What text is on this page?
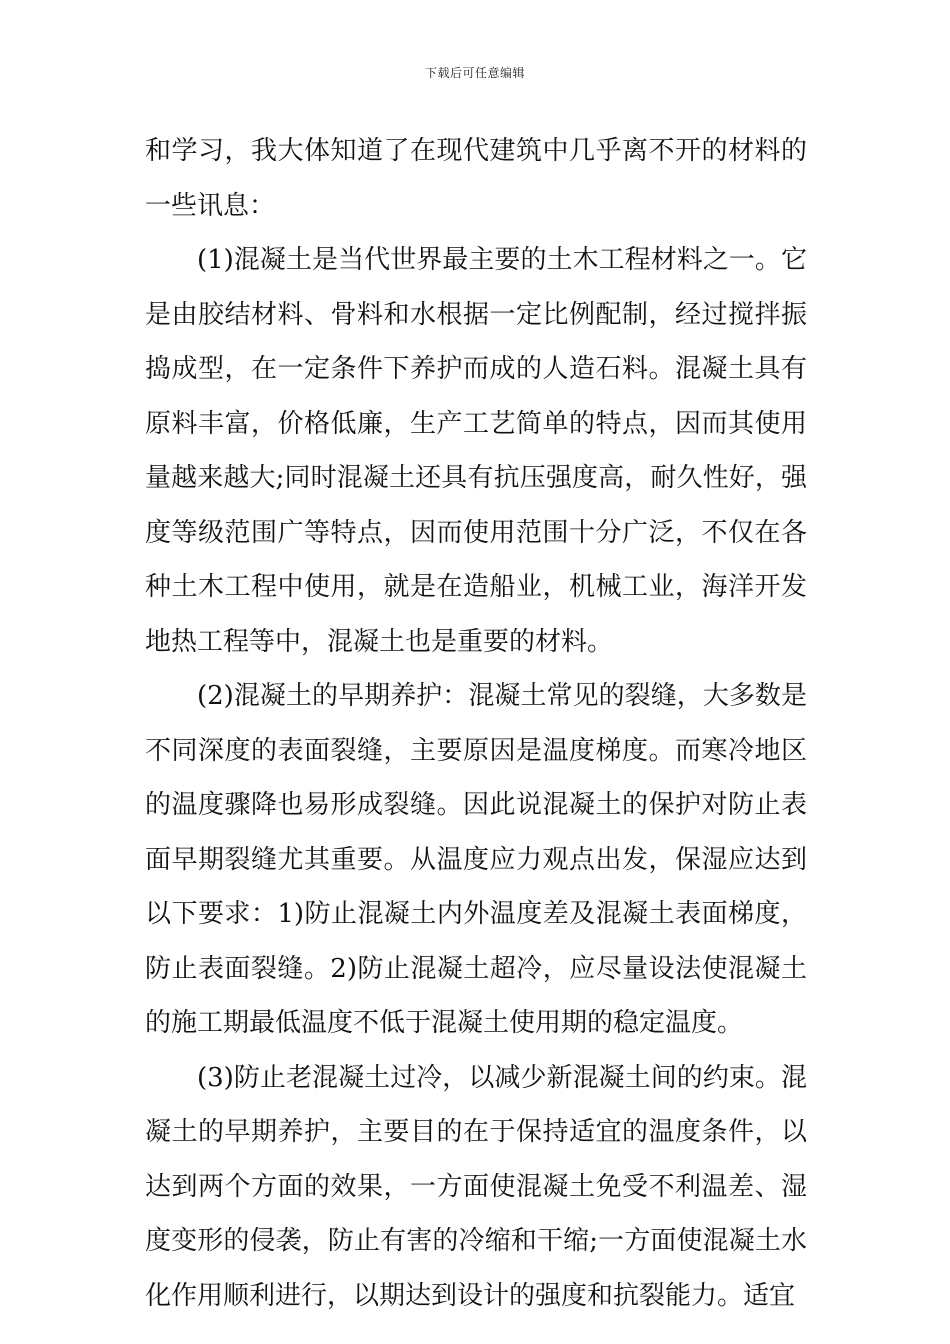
下载后可任意编辑

和学习，我大体知道了在现代建筑中几乎离不开的材料的一些讯息：

(1)混凝土是当代世界最主要的土木工程材料之一。它是由胶结材料、骨料和水根据一定比例配制，经过搅拌振捣成型，在一定条件下养护而成的人造石料。混凝土具有原料丰富，价格低廉，生产工艺简单的特点，因而其使用量越来越大;同时混凝土还具有抗压强度高，耐久性好，强度等级范围广等特点，因而使用范围十分广泛，不仅在各种土木工程中使用，就是在造船业，机械工业，海洋开发地热工程等中，混凝土也是重要的材料。

(2)混凝土的早期养护：混凝土常见的裂缝，大多数是不同深度的表面裂缝，主要原因是温度梯度。而寒冷地区的温度骤降也易形成裂缝。因此说混凝土的保护对防止表面早期裂缝尤其重要。从温度应力观点出发，保湿应达到以下要求：1)防止混凝土内外温度差及混凝土表面梯度，防止表面裂缝。2)防止混凝土超冷，应尽量设法使混凝土的施工期最低温度不低于混凝土使用期的稳定温度。

(3)防止老混凝土过冷，以减少新混凝土间的约束。混凝土的早期养护，主要目的在于保持适宜的温度条件，以达到两个方面的效果，一方面使混凝土免受不利温差、湿度变形的侵袭，防止有害的冷缩和干缩;一方面使混凝土水化作用顺利进行，以期达到设计的强度和抗裂能力。适宜
